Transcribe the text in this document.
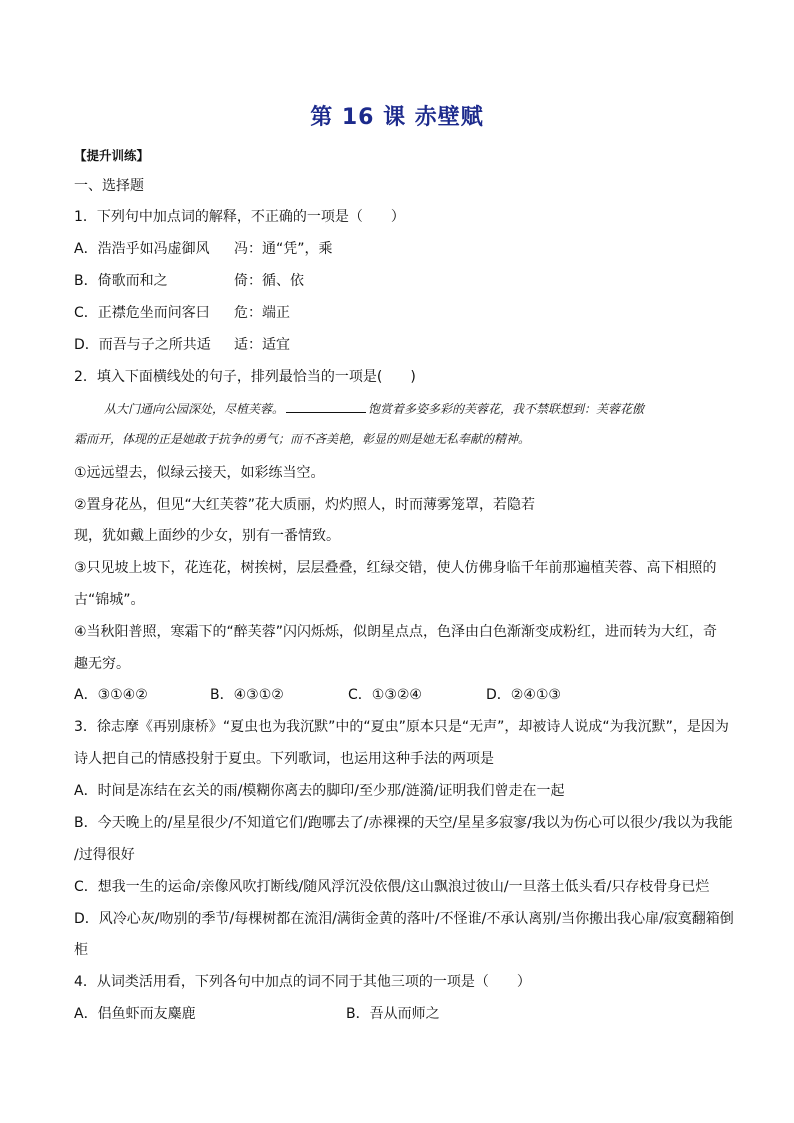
第 16 课 赤壁赋
【提升训练】
一、选择题
1．下列句中加点词的解释，不正确的一项是（　　）
A．浩浩乎如冯虚御风 冯：通“凭”，乘
B．倚歌而和之	倚：循、依
C．正襟危坐而问客曰 危：端正
D．而吾与子之所共适 适：适宜
2．填入下面横线处的句子，排列最恰当的一项是(　　)
从大门通向公园深处，尽植芙蓉。	饱赏着多姿多彩的芙蓉花，我不禁联想到：芙蓉花傲
霜而开，体现的正是她敢于抗争的勇气；而不吝美艳，彰显的则是她无私奉献的精神。
①远远望去，似绿云接天，如彩练当空。
②置身花丛，但见“大红芙蓉”花大质丽，灼灼照人，时而薄雾笼罩，若隐若
现，犹如戴上面纱的少女，别有一番情致。
③只见坡上坡下，花连花，树挨树，层层叠叠，红绿交错，使人仿佛身临千年前那遍植芙蓉、高下相照的
古“锦城”。
④当秋阳普照，寒霜下的“醉芙蓉”闪闪烁烁，似朗星点点，色泽由白色渐渐变成粉红，进而转为大红，奇
趣无穷。
A．③①④②	B．④③①②	C．①③②④	D．②④①③
3．徐志摩《再别康桥》“夏虫也为我沉默”中的“夏虫”原本只是“无声”，却被诗人说成“为我沉默”，是因为
诗人把自己的情感投射于夏虫。下列歌词，也运用这种手法的两项是
A．时间是冻结在玄关的雨/模糊你离去的脚印/至少那/涟漪/证明我们曾走在一起
B．今天晚上的/星星很少/不知道它们/跑哪去了/赤裸裸的天空/星星多寂寥/我以为伤心可以很少/我以为我能
/过得很好
C．想我一生的运命/亲像风吹打断线/随风浮沉没依偎/这山飘浪过彼山/一旦落土低头看/只存枝骨身已烂
D．风冷心灰/吻别的季节/每棵树都在流泪/满街金黄的落叶/不怪谁/不承认离别/当你搬出我心扉/寂寞翻箱倒
柜
4．从词类活用看，下列各句中加点的词不同于其他三项的一项是（　　）
A．侣鱼虾而友麋鹿	B．吾从而师之
